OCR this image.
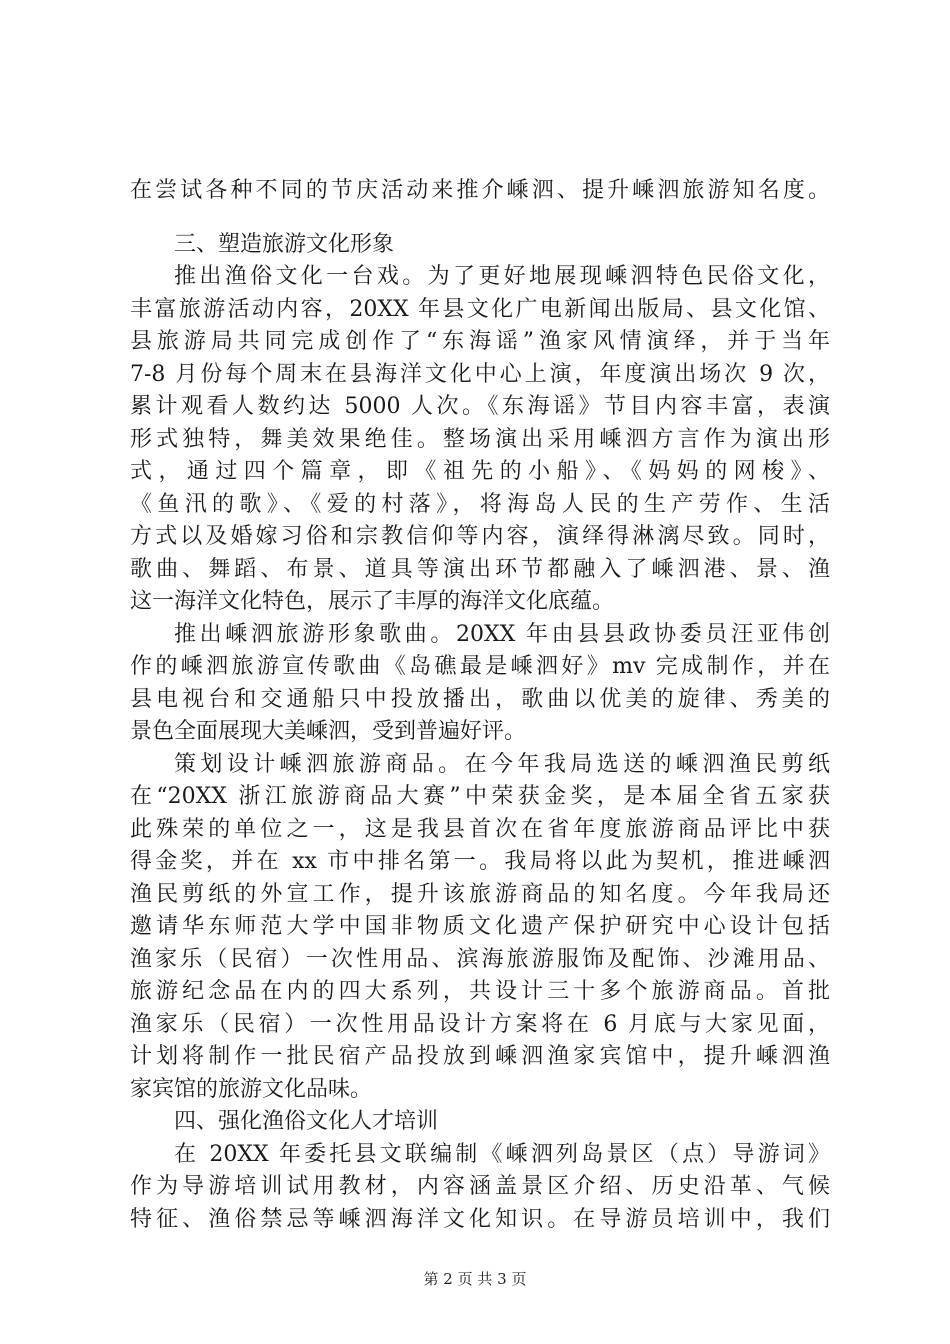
在尝试各种不同的节庆活动来推介嵊泗、提升嵊泗旅游知名度。
三、塑造旅游文化形象
推出渔俗文化一台戏。为了更好地展现嵊泗特色民俗文化，
丰富旅游活动内容，20XX 年县文化广电新闻出版局、县文化馆、
县旅游局共同完成创作了“东海谣”渔家风情演绎，并于当年
7-8 月份每个周末在县海洋文化中心上演，年度演出场次 9 次，
累计观看人数约达 5000 人次。《东海谣》节目内容丰富，表演
形式独特，舞美效果绝佳。整场演出采用嵊泗方言作为演出形
式，通过四个篇章，即《祖先的小船》、《妈妈的网梭》、
《鱼汛的歌》、《爱的村落》，将海岛人民的生产劳作、生活
方式以及婚嫁习俗和宗教信仰等内容，演绎得淋漓尽致。同时，
歌曲、舞蹈、布景、道具等演出环节都融入了嵊泗港、景、渔
这一海洋文化特色，展示了丰厚的海洋文化底蕴。
推出嵊泗旅游形象歌曲。20XX 年由县县政协委员汪亚伟创
作的嵊泗旅游宣传歌曲《岛礁最是嵊泗好》mv 完成制作，并在
县电视台和交通船只中投放播出，歌曲以优美的旋律、秀美的
景色全面展现大美嵊泗，受到普遍好评。
策划设计嵊泗旅游商品。在今年我局选送的嵊泗渔民剪纸
在“20XX 浙江旅游商品大赛”中荣获金奖，是本届全省五家获
此殊荣的单位之一，这是我县首次在省年度旅游商品评比中获
得金奖，并在 xx 市中排名第一。我局将以此为契机，推进嵊泗
渔民剪纸的外宣工作，提升该旅游商品的知名度。今年我局还
邀请华东师范大学中国非物质文化遗产保护研究中心设计包括
渔家乐（民宿）一次性用品、滨海旅游服饰及配饰、沙滩用品、
旅游纪念品在内的四大系列，共设计三十多个旅游商品。首批
渔家乐（民宿）一次性用品设计方案将在 6 月底与大家见面，
计划将制作一批民宿产品投放到嵊泗渔家宾馆中，提升嵊泗渔
家宾馆的旅游文化品味。
四、强化渔俗文化人才培训
在 20XX 年委托县文联编制《嵊泗列岛景区（点）导游词》
作为导游培训试用教材，内容涵盖景区介绍、历史沿革、气候
特征、渔俗禁忌等嵊泗海洋文化知识。在导游员培训中，我们
第 2 页 共 3 页
